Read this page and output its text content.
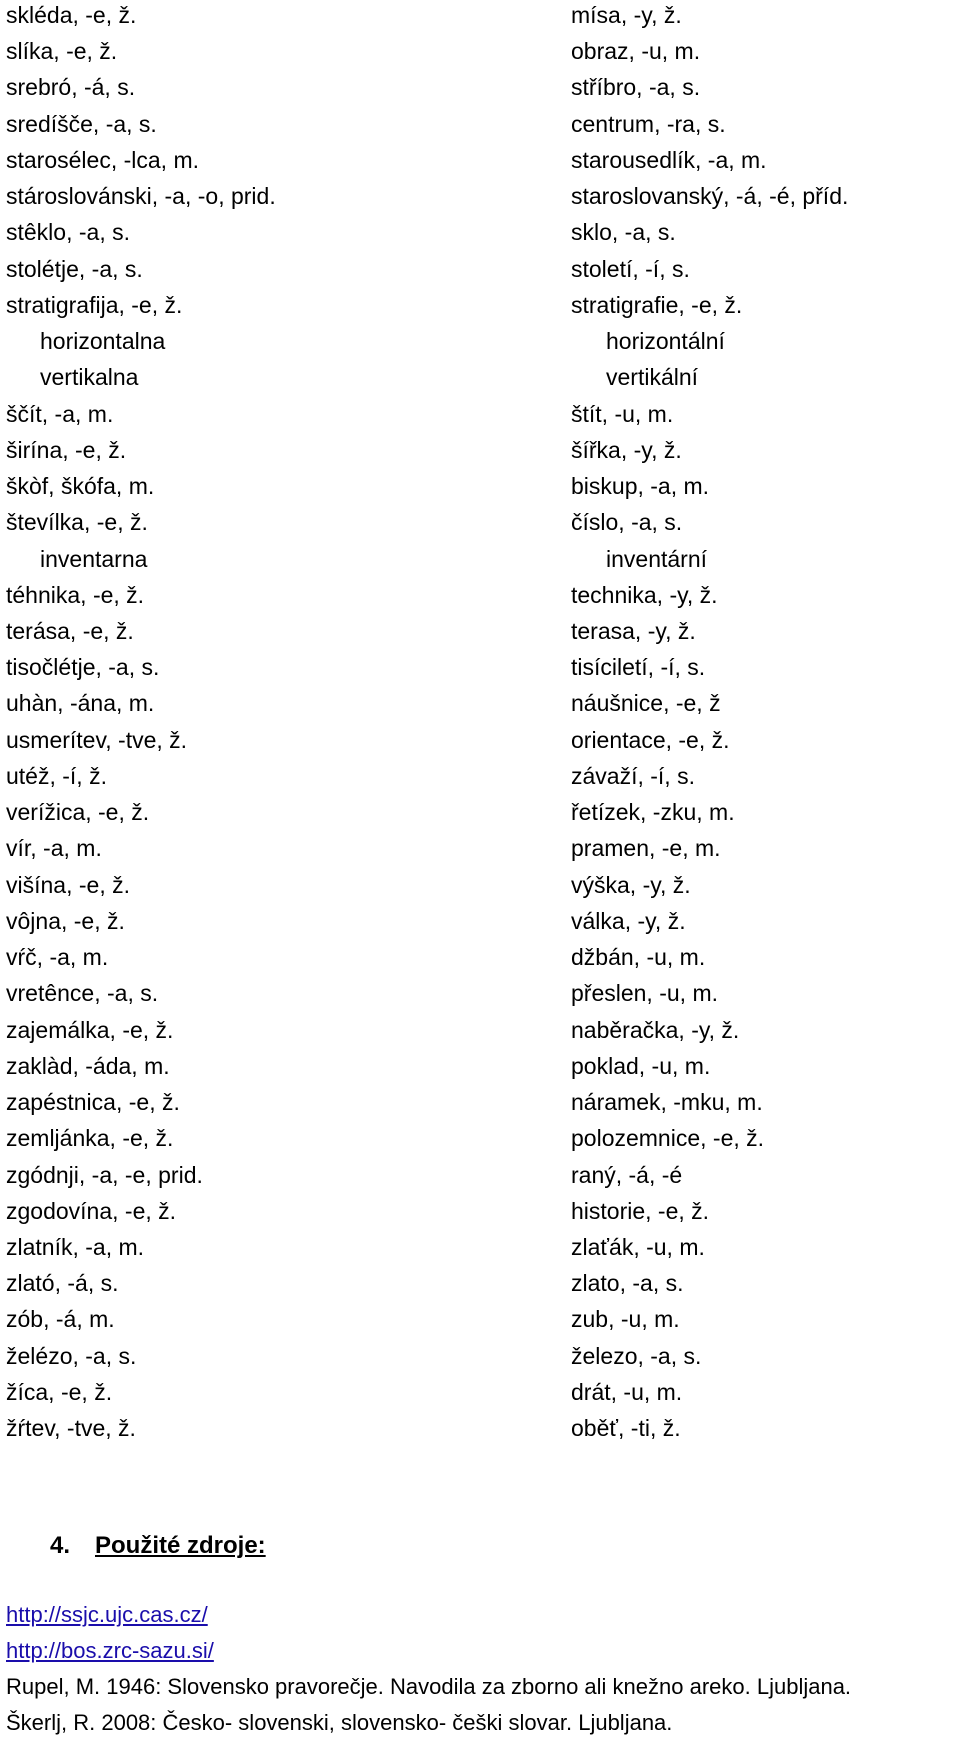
skléda, -e, ž.	mísa, -y, ž.
slíka, -e, ž.	obraz, -u, m.
srebró, -á, s.	stříbro, -a, s.
sredíšče, -a, s.	centrum, -ra, s.
starosélec, -lca, m.	starousedlík, -a, m.
stároslovánski, -a, -o, prid.	staroslovanský, -á, -é, příd.
stêklo, -a, s.	sklo, -a, s.
stolétje, -a, s.	století, -í, s.
stratigrafija, -e, ž.	stratigrafie, -e, ž.
horizontalna	horizontální
vertikalna	vertikální
ščít, -a, m.	štít, -u, m.
širína, -e, ž.	šířka, -y, ž.
škòf, škófa, m.	biskup, -a, m.
števílka, -e, ž.	číslo, -a, s.
inventarna	inventární
téhnika, -e, ž.	technika, -y, ž.
terása, -e, ž.	terasa, -y, ž.
tisočlétje, -a, s.	tisíciletí, -í, s.
uhàn, -ána, m.	náušnice, -e, ž
usmerítev, -tve, ž.	orientace, -e, ž.
utéž, -í, ž.	závaží, -í, s.
verížica, -e, ž.	řetízek, -zku, m.
vír, -a, m.	pramen, -e, m.
višína, -e, ž.	výška, -y, ž.
vôjna, -e, ž.	válka, -y, ž.
vŕč, -a, m.	džbán, -u, m.
vretênce, -a, s.	přeslen, -u, m.
zajemálka, -e, ž.	naběračka, -y, ž.
zaklàd, -áda, m.	poklad, -u, m.
zapéstnica, -e, ž.	náramek, -mku, m.
zemljánka, -e, ž.	polozemnice, -e, ž.
zgódnji, -a, -e, prid.	raný, -á, -é
zgodovína, -e, ž.	historie, -e, ž.
zlatník, -a, m.	zlaťák, -u, m.
zlató, -á, s.	zlato, -a, s.
zób, -á, m.	zub, -u, m.
želézo, -a, s.	železo, -a, s.
žíca, -e, ž.	drát, -u, m.
žŕtev, -tve, ž.	oběť, -ti, ž.
4. Použité zdroje:
http://ssjc.ujc.cas.cz/
http://bos.zrc-sazu.si/
Rupel, M. 1946: Slovensko pravorečje. Navodila za zborno ali knežno areko. Ljubljana.
Škerlj, R. 2008: Česko- slovenski, slovensko- češki slovar. Ljubljana.
